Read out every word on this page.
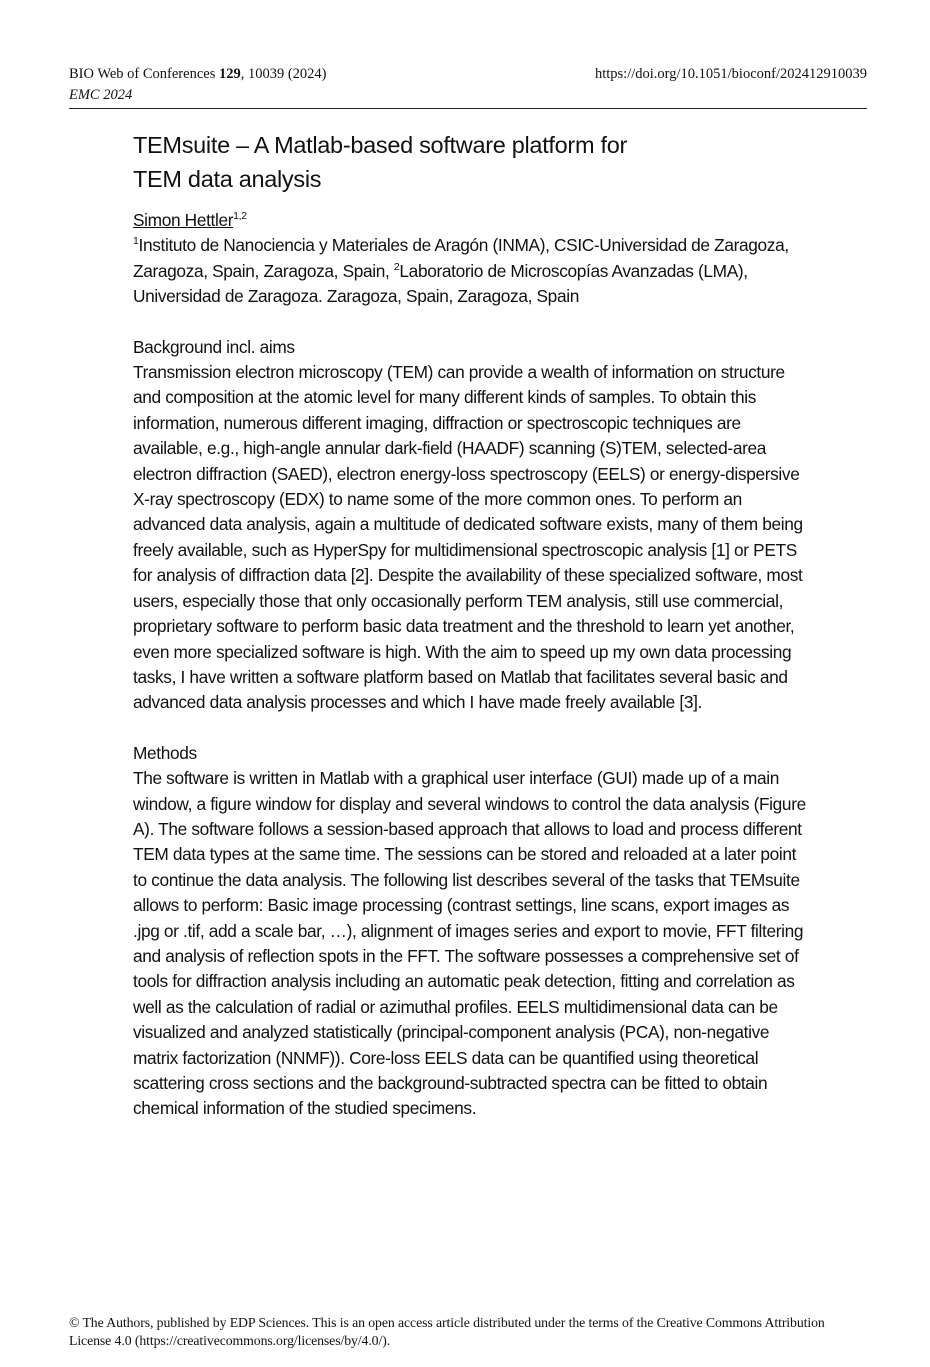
BIO Web of Conferences 129, 10039 (2024)	https://doi.org/10.1051/bioconf/202412910039
EMC 2024
TEMsuite – A Matlab-based software platform for
TEM data analysis
Simon Hettler$^{1,2}$

$^1$Instituto de Nanociencia y Materiales de Aragón (INMA), CSIC-Universidad de Zaragoza, Zaragoza, Spain, Zaragoza, Spain, $^2$Laboratorio de Microscopías Avanzadas (LMA), Universidad de Zaragoza. Zaragoza, Spain, Zaragoza, Spain

Background incl. aims

Transmission electron microscopy (TEM) can provide a wealth of information on structure and composition at the atomic level for many different kinds of samples. To obtain this information, numerous different imaging, diffraction or spectroscopic techniques are available, e.g., high-angle annular dark-field (HAADF) scanning (S)TEM, selected-area electron diffraction (SAED), electron energy-loss spectroscopy (EELS) or energy-dispersive X-ray spectroscopy (EDX) to name some of the more common ones. To perform an advanced data analysis, again a multitude of dedicated software exists, many of them being freely available, such as HyperSpy for multidimensional spectroscopic analysis [1] or PETS for analysis of diffraction data [2]. Despite the availability of these specialized software, most users, especially those that only occasionally perform TEM analysis, still use commercial, proprietary software to perform basic data treatment and the threshold to learn yet another, even more specialized software is high. With the aim to speed up my own data processing tasks, I have written a software platform based on Matlab that facilitates several basic and advanced data analysis processes and which I have made freely available [3].

Methods

The software is written in Matlab with a graphical user interface (GUI) made up of a main window, a figure window for display and several windows to control the data analysis (Figure A). The software follows a session-based approach that allows to load and process different TEM data types at the same time. The sessions can be stored and reloaded at a later point to continue the data analysis. The following list describes several of the tasks that TEMsuite allows to perform: Basic image processing (contrast settings, line scans, export images as .jpg or .tif, add a scale bar, …), alignment of images series and export to movie, FFT filtering and analysis of reflection spots in the FFT. The software possesses a comprehensive set of tools for diffraction analysis including an automatic peak detection, fitting and correlation as well as the calculation of radial or azimuthal profiles. EELS multidimensional data can be visualized and analyzed statistically (principal-component analysis (PCA), non-negative matrix factorization (NNMF)). Core-loss EELS data can be quantified using theoretical scattering cross sections and the background-subtracted spectra can be fitted to obtain chemical information of the studied specimens.

© The Authors, published by EDP Sciences. This is an open access article distributed under the terms of the Creative Commons Attribution License 4.0 (https://creativecommons.org/licenses/by/4.0/).
